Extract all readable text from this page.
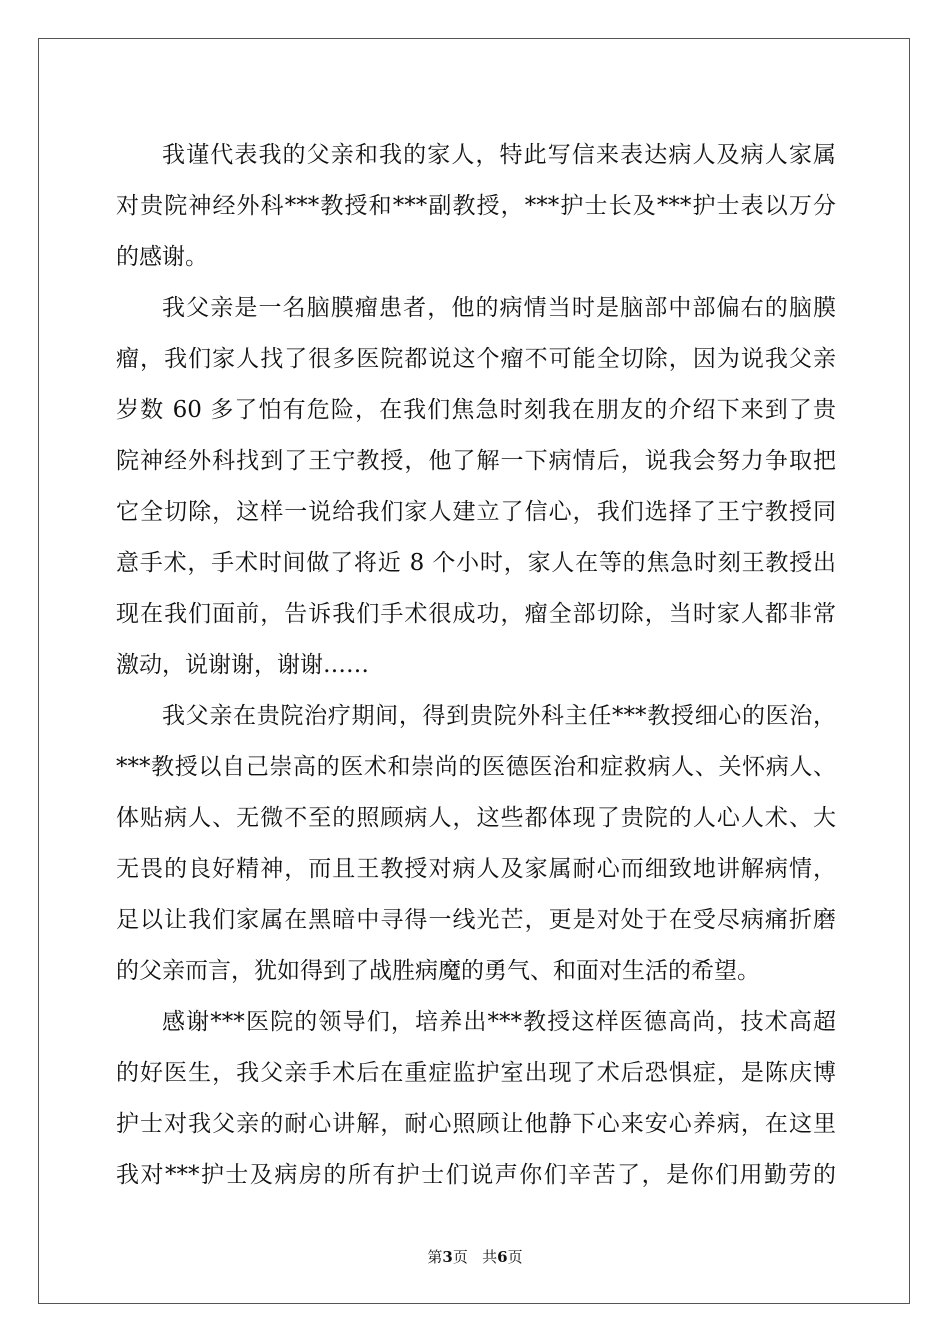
我谨代表我的父亲和我的家人，特此写信来表达病人及病人家属
对贵院神经外科***教授和***副教授，***护士长及***护士表以万分
的感谢。
我父亲是一名脑膜瘤患者，他的病情当时是脑部中部偏右的脑膜
瘤，我们家人找了很多医院都说这个瘤不可能全切除，因为说我父亲
岁数 60 多了怕有危险，在我们焦急时刻我在朋友的介绍下来到了贵
院神经外科找到了王宁教授，他了解一下病情后，说我会努力争取把
它全切除，这样一说给我们家人建立了信心，我们选择了王宁教授同
意手术，手术时间做了将近 8 个小时，家人在等的焦急时刻王教授出
现在我们面前，告诉我们手术很成功，瘤全部切除，当时家人都非常
激动，说谢谢，谢谢……
我父亲在贵院治疗期间，得到贵院外科主任***教授细心的医治，
***教授以自己崇高的医术和崇尚的医德医治和症救病人、关怀病人、
体贴病人、无微不至的照顾病人，这些都体现了贵院的人心人术、大
无畏的良好精神，而且王教授对病人及家属耐心而细致地讲解病情，
足以让我们家属在黑暗中寻得一线光芒，更是对处于在受尽病痛折磨
的父亲而言，犹如得到了战胜病魔的勇气、和面对生活的希望。
感谢***医院的领导们，培养出***教授这样医德高尚，技术高超
的好医生，我父亲手术后在重症监护室出现了术后恐惧症，是陈庆博
护士对我父亲的耐心讲解，耐心照顾让他静下心来安心养病，在这里
我对***护士及病房的所有护士们说声你们辛苦了，是你们用勤劳的
第3页 共6页
